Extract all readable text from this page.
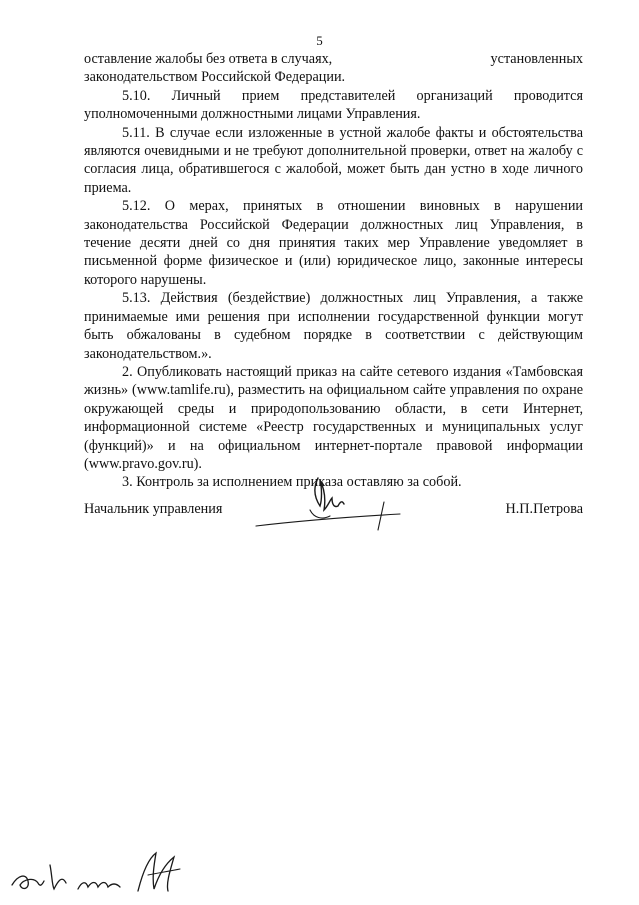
5
оставление жалобы без ответа в случаях,	установленных

законодательством Российской Федерации.

5.10. Личный прием представителей организаций проводится уполномоченными должностными лицами Управления.

5.11. В случае если изложенные в устной жалобе факты и обстоятельства являются очевидными и не требуют дополнительной проверки, ответ на жалобу с согласия лица, обратившегося с жалобой, может быть дан устно в ходе личного приема.

5.12. О мерах, принятых в отношении виновных в нарушении законодательства Российской Федерации должностных лиц Управления, в течение десяти дней со дня принятия таких мер Управление уведомляет в письменной форме физическое и (или) юридическое лицо, законные интересы которого нарушены.

5.13. Действия (бездействие) должностных лиц Управления, а также принимаемые ими решения при исполнении государственной функции могут быть обжалованы в судебном порядке в соответствии с действующим законодательством.».

2. Опубликовать настоящий приказ на сайте сетевого издания «Тамбовская жизнь» (www.tamlife.ru), разместить на официальном сайте управления по охране окружающей среды и природопользованию области, в сети Интернет, информационной системе «Реестр государственных и муниципальных услуг (функций)» и на официальном интернет-портале правовой информации (www.pravo.gov.ru).

3. Контроль за исполнением приказа оставляю за собой.

Начальник управления	Н.П.Петрова
